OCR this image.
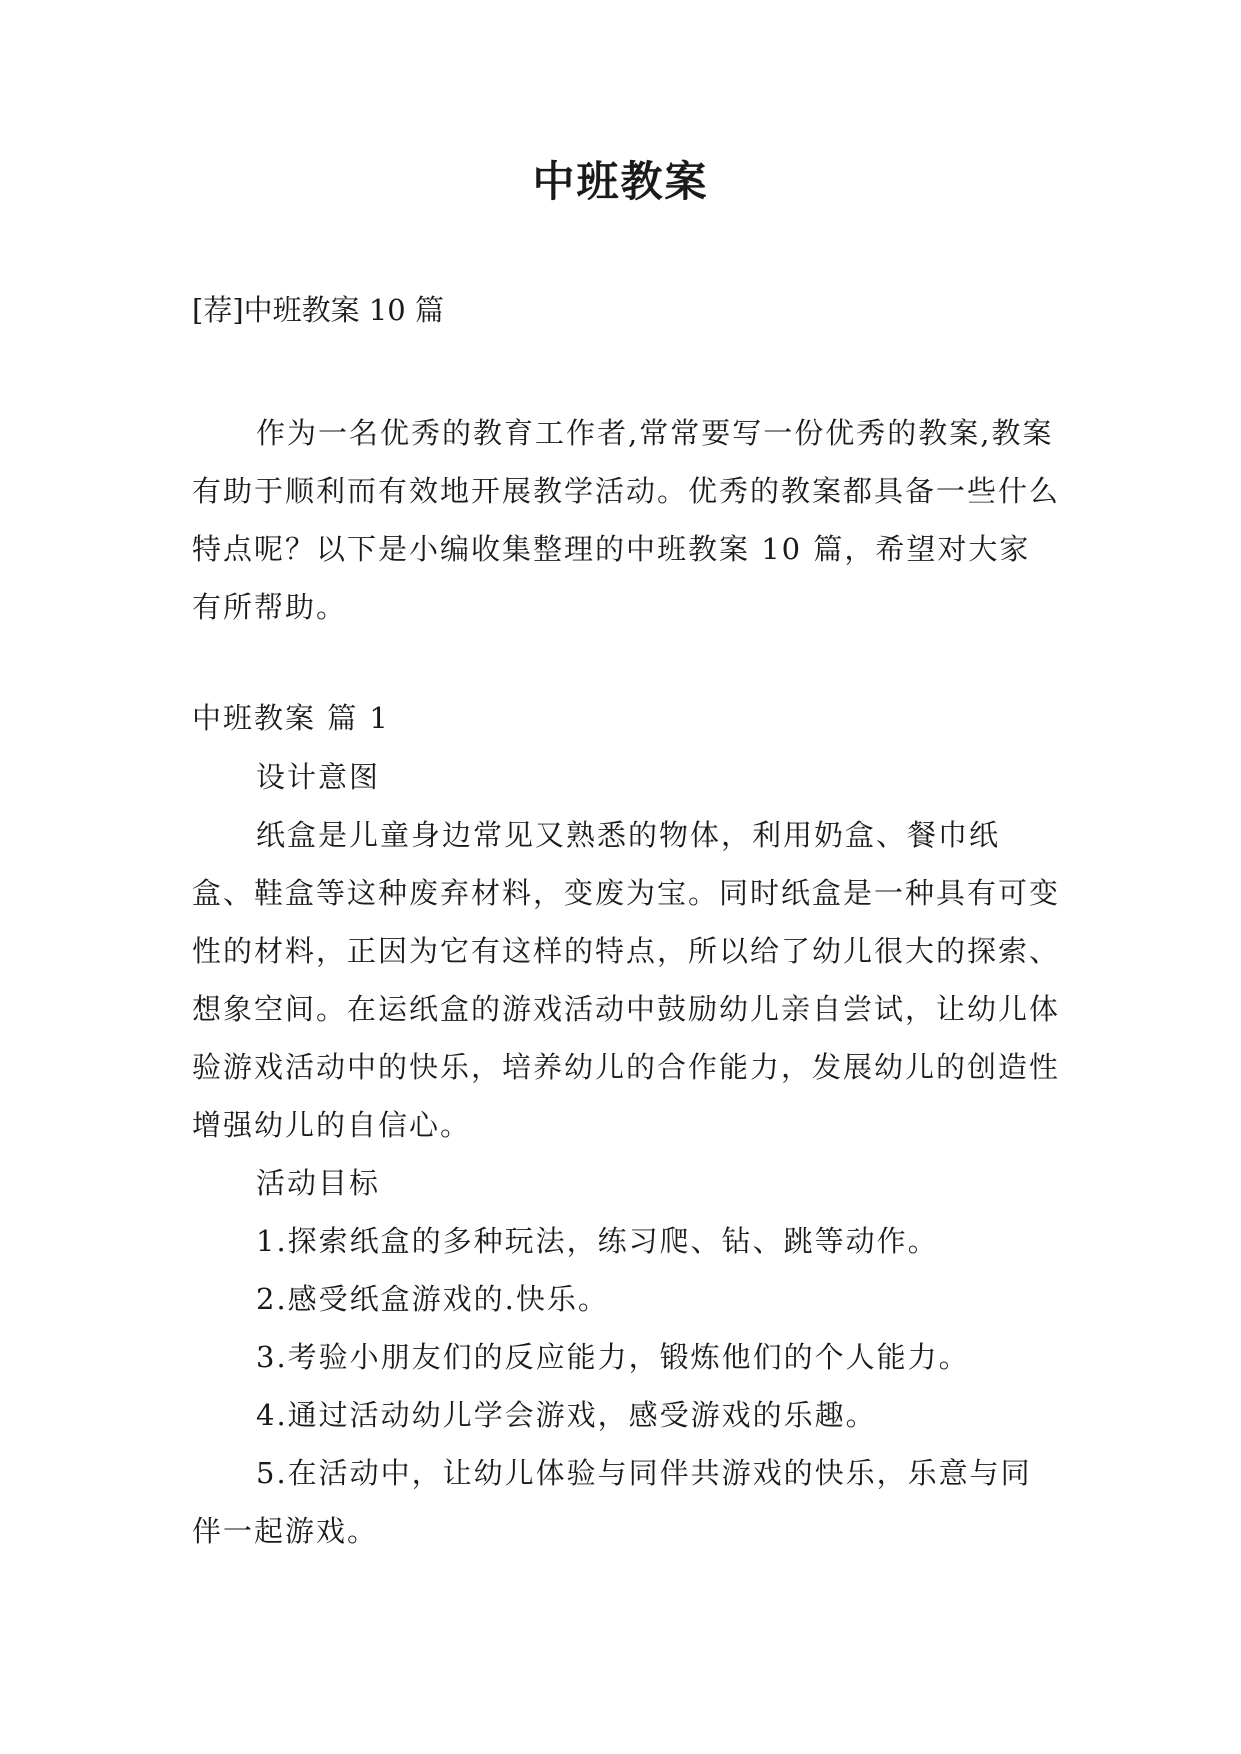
中班教案

[荐]中班教案 10 篇

作为一名优秀的教育工作者,常常要写一份优秀的教案,教案有助于顺利而有效地开展教学活动。优秀的教案都具备一些什么特点呢？以下是小编收集整理的中班教案 10 篇，希望对大家有所帮助。

中班教案 篇 1

设计意图

纸盒是儿童身边常见又熟悉的物体，利用奶盒、餐巾纸盒、鞋盒等这种废弃材料，变废为宝。同时纸盒是一种具有可变性的材料，正因为它有这样的特点，所以给了幼儿很大的探索、想象空间。在运纸盒的游戏活动中鼓励幼儿亲自尝试，让幼儿体验游戏活动中的快乐，培养幼儿的合作能力，发展幼儿的创造性增强幼儿的自信心。

活动目标

1.探索纸盒的多种玩法，练习爬、钻、跳等动作。

2.感受纸盒游戏的.快乐。

3.考验小朋友们的反应能力，锻炼他们的个人能力。

4.通过活动幼儿学会游戏，感受游戏的乐趣。

5.在活动中，让幼儿体验与同伴共游戏的快乐，乐意与同伴一起游戏。
